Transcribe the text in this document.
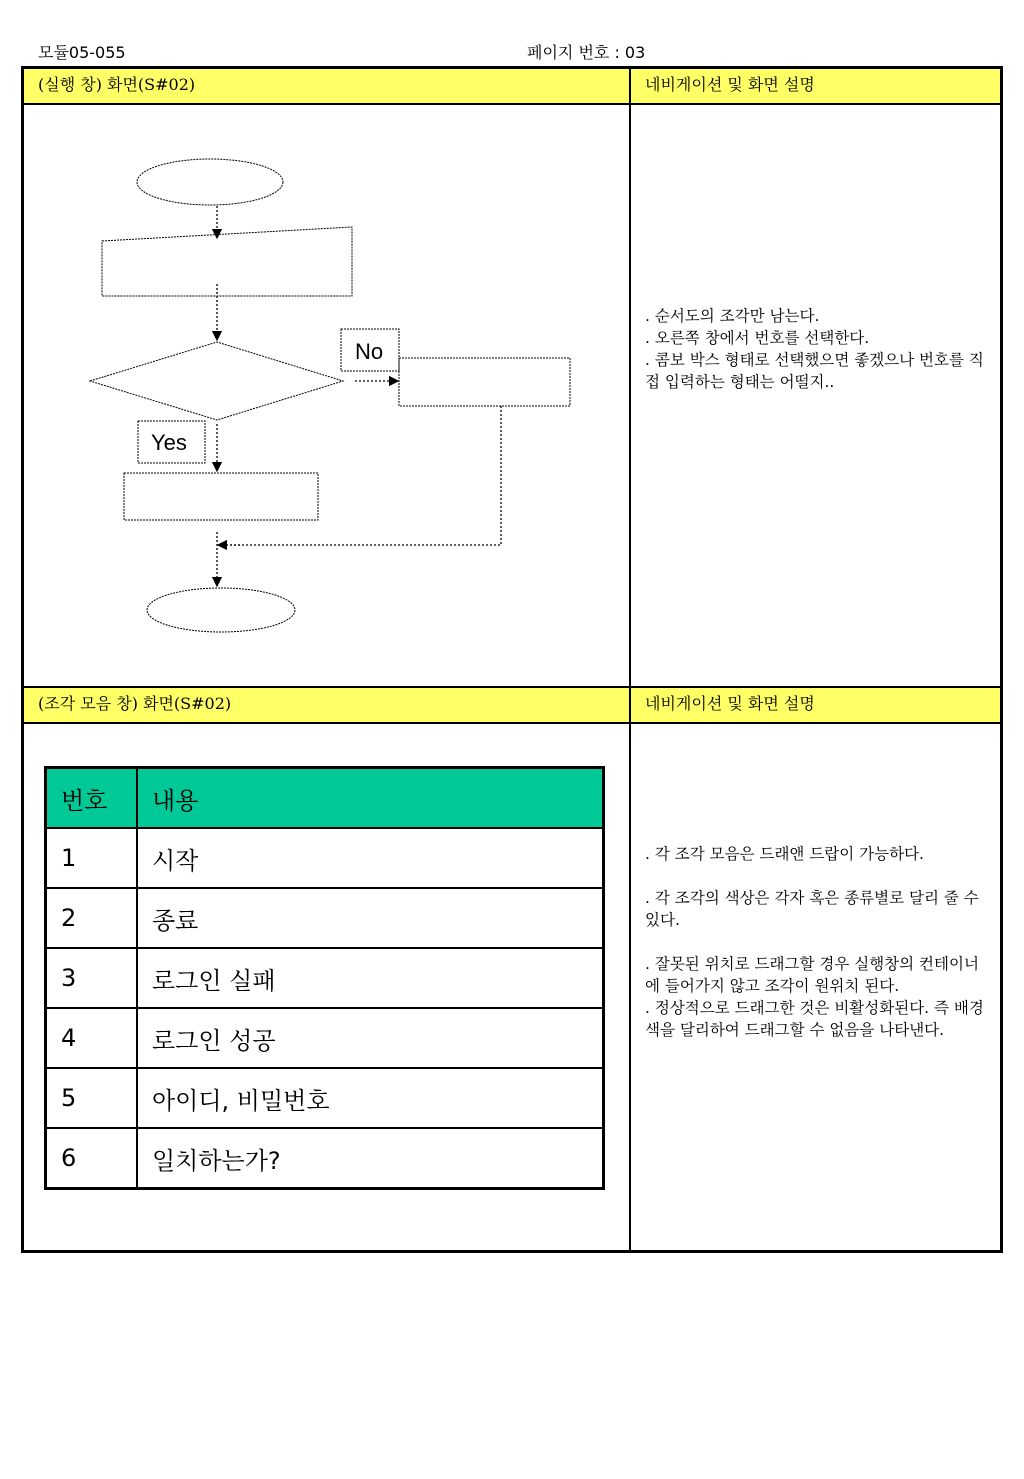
모듈05-055	페이지 번호 : 03
(실행 창) 화면(S#02)	네비게이션 및 화면 설명
No
Yes

. 순서도의 조각만 남는다.

. 오른쪽 창에서 번호를 선택한다.

. 콤보 박스 형태로 선택했으면 좋겠으나 번호를 직접 입력하는 형태는 어떨지..

(조각 모음 창) 화면(S#02)	네비게이션 및 화면 설명
번호	내용
1	시작
2	종료
3	로그인 실패
4	로그인 성공
5	아이디, 비밀번호
6	일치하는가?

. 각 조각 모음은 드래앤 드랍이 가능하다.

. 각 조각의 색상은 각자 혹은 종류별로 달리 줄 수 있다.

. 잘못된 위치로 드래그할 경우 실행창의 컨테이너에 들어가지 않고 조각이 원위치 된다.
. 정상적으로 드래그한 것은 비활성화된다. 즉 배경색을 달리하여 드래그할 수 없음을 나타낸다.
